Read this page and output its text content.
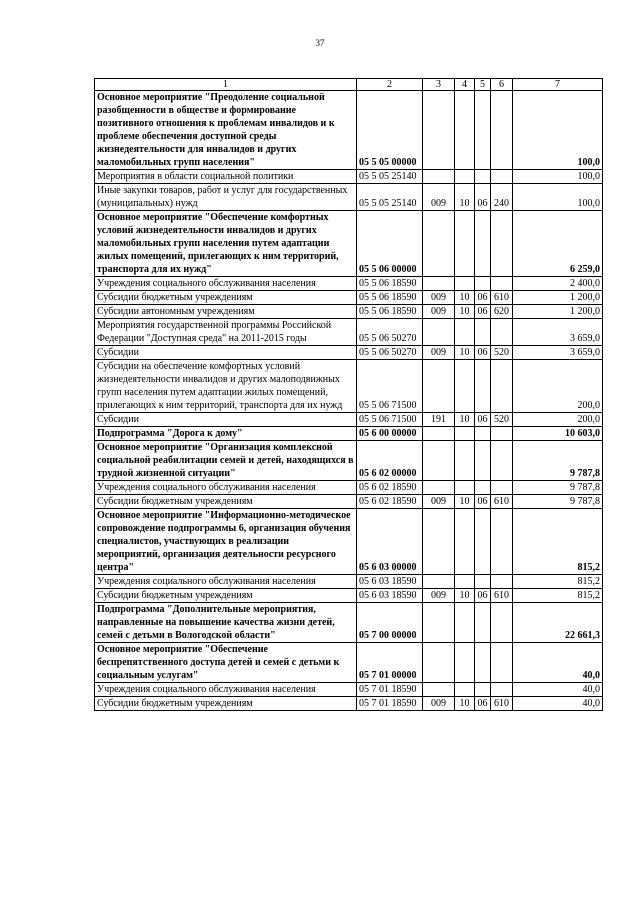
37
1	2	3	4	5	6	7
Основное мероприятие "Преодоление социальной разобщенности в обществе и формирование позитивного отношения к проблемам инвалидов и к проблеме обеспечения доступной среды жизнедеятельности для инвалидов и других маломобильных групп населения"	05 5 05 00000					100,0
Мероприятия в области социальной политики	05 5 05 25140					100,0
Иные закупки товаров, работ и услуг для государственных (муниципальных) нужд	05 5 05 25140	009	10	06	240	100,0
Основное мероприятие "Обеспечение комфортных условий жизнедеятельности инвалидов и других маломобильных групп населения путем адаптации жилых помещений, прилегающих к ним территорий, транспорта для их нужд"	05 5 06 00000					6 259,0
Учреждения социального обслуживания населения	05 5 06 18590					2 400,0
Субсидии бюджетным учреждениям	05 5 06 18590	009	10	06	610	1 200,0
Субсидии автономным учреждениям	05 5 06 18590	009	10	06	620	1 200,0
Мероприятия государственной программы Российской Федерации "Доступная среда" на 2011-2015 годы	05 5 06 50270					3 659,0
Субсидии	05 5 06 50270	009	10	06	520	3 659,0
Субсидии на обеспечение комфортных условий жизнедеятельности инвалидов и других малоподвижных групп населения путем адаптации жилых помещений, прилегающих к ним территорий, транспорта для их нужд	05 5 06 71500					200,0
Субсидии	05 5 06 71500	191	10	06	520	200,0
Подпрограмма "Дорога к дому"	05 6 00 00000					10 603,0
Основное мероприятие "Организация комплексной социальной реабилитации семей и детей, находящихся в трудной жизненной ситуации"	05 6 02 00000					9 787,8
Учреждения социального обслуживания населения	05 6 02 18590					9 787,8
Субсидии бюджетным учреждениям	05 6 02 18590	009	10	06	610	9 787,8
Основное мероприятие "Информационно-методическое сопровождение подпрограммы 6, организация обучения специалистов, участвующих в реализации мероприятий, организация деятельности ресурсного центра"	05 6 03 00000					815,2
Учреждения социального обслуживания населения	05 6 03 18590					815,2
Субсидии бюджетным учреждениям	05 6 03 18590	009	10	06	610	815,2
Подпрограмма "Дополнительные мероприятия, направленные на повышение качества жизни детей, семей с детьми в Вологодской области"	05 7 00 00000					22 661,3
Основное мероприятие "Обеспечение беспрепятственного доступа детей и семей с детьми к социальным услугам"	05 7 01 00000					40,0
Учреждения социального обслуживания населения	05 7 01 18590					40,0
Субсидии бюджетным учреждениям	05 7 01 18590	009	10	06	610	40,0
